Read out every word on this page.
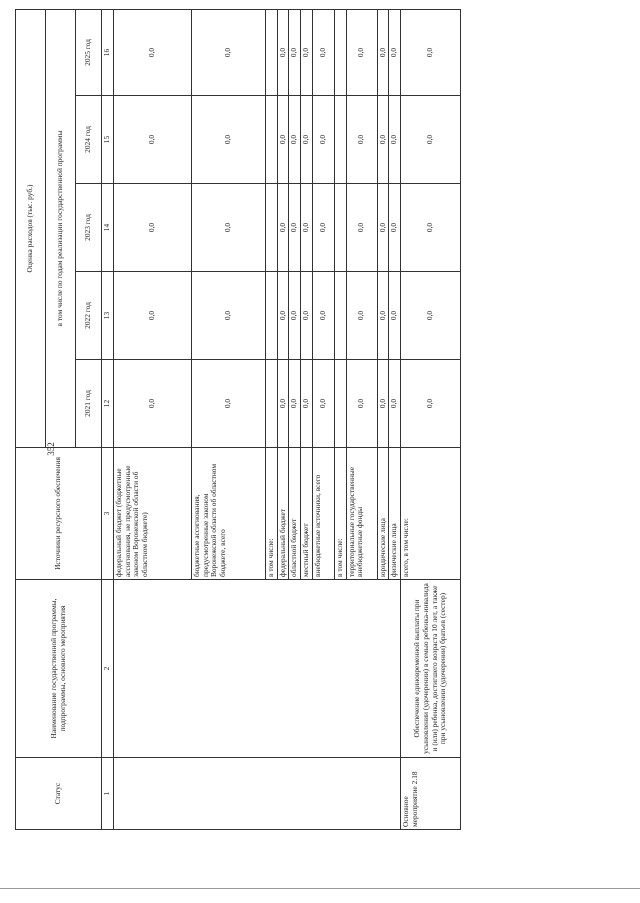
352
Статус	Наименование государственной программы, подпрограммы, основного мероприятия	Источники ресурсного обеспечения	Оценка расходов (тыс. руб.)				
			в том числе по годам реализации государственной программы				
			2021 год	2022 год	2023 год	2024 год	2025 год
1	2	3	12	13	14	15	16
		федеральный бюджет (бюджетные ассигнования, не предусмотренные законом Воронежской области об областном бюджете)	0,0	0,0	0,0	0,0	0,0
		бюджетные ассигнования, предусмотренные законом Воронежской области об областном бюджете, всего	0,0	0,0	0,0	0,0	0,0
		в том числе:					
		федеральный бюджет	0,0	0,0	0,0	0,0	0,0
		областной бюджет	0,0	0,0	0,0	0,0	0,0
		местный бюджет	0,0	0,0	0,0	0,0	0,0
		внебюджетные источники, всего	0,0	0,0	0,0	0,0	0,0
		в том числе:					
		территориальные государственные внебюджетные фонды	0,0	0,0	0,0	0,0	0,0
		юридические лица	0,0	0,0	0,0	0,0	0,0
		физические лица	0,0	0,0	0,0	0,0	0,0
Основное мероприятие 2.18	Обеспечение единовременной выплаты при усыновлении (удочерении) в семью ребенка-инвалида и (или) ребенка, достигшего возраста 10 лет, а также при усыновлении (удочерении) братьев (сестер)	всего, в том числе:	0,0	0,0	0,0	0,0	0,0
